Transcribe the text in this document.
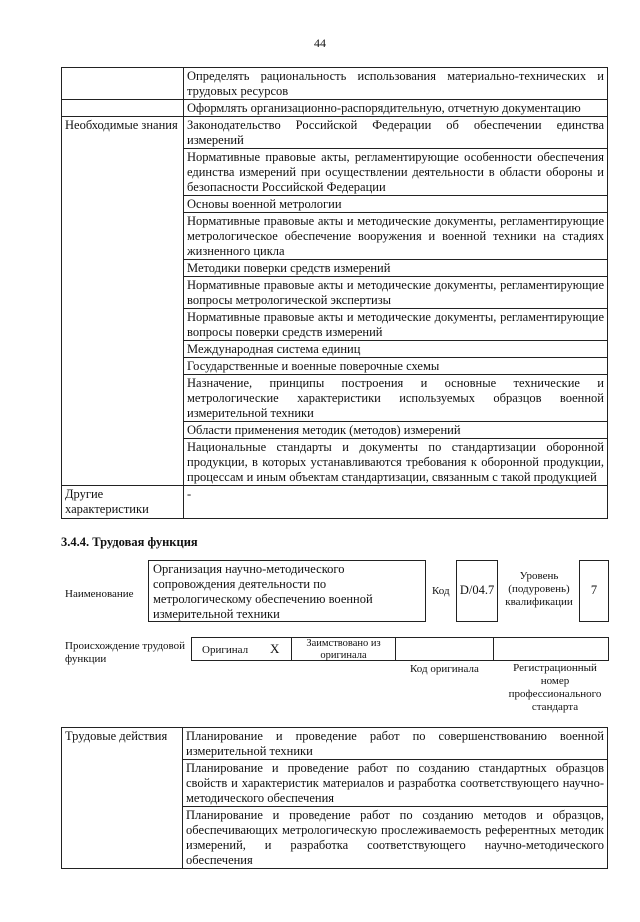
44
	Определять рациональность использования материально-технических и трудовых ресурсов
	Оформлять организационно-распорядительную, отчетную документацию
Необходимые знания	Законодательство Российской Федерации об обеспечении единства измерений
	Нормативные правовые акты, регламентирующие особенности обеспечения единства измерений при осуществлении деятельности в области обороны и безопасности Российской Федерации
	Основы военной метрологии
	Нормативные правовые акты и методические документы, регламентирующие метрологическое обеспечение вооружения и военной техники на стадиях жизненного цикла
	Методики поверки средств измерений
	Нормативные правовые акты и методические документы, регламентирующие вопросы метрологической экспертизы
	Нормативные правовые акты и методические документы, регламентирующие вопросы поверки средств измерений
	Международная система единиц
	Государственные и военные поверочные схемы
	Назначение, принципы построения и основные технические и метрологические характеристики используемых образцов военной измерительной техники
	Области применения методик (методов) измерений
	Национальные стандарты и документы по стандартизации оборонной продукции, в которых устанавливаются требования к оборонной продукции, процессам и иным объектам стандартизации, связанным с такой продукцией
Другие характеристики	-
3.4.4. Трудовая функция
Наименование
Организация научно-методического сопровождения деятельности по метрологическому обеспечению военной измерительной техники
Код D/04.7
Уровень (подуровень) квалификации
7
Происхождение трудовой функции
Оригинал X	Заимствовано из оригинала
Код оригинала	Регистрационный номер профессионального стандарта
Трудовые действия	Планирование и проведение работ по совершенствованию военной измерительной техники
Планирование и проведение работ по созданию стандартных образцов свойств и характеристик материалов и разработка соответствующего научно-методического обеспечения
Планирование и проведение работ по созданию методов и образцов, обеспечивающих метрологическую прослеживаемость референтных методик измерений, и разработка соответствующего научно-методического обеспечения
